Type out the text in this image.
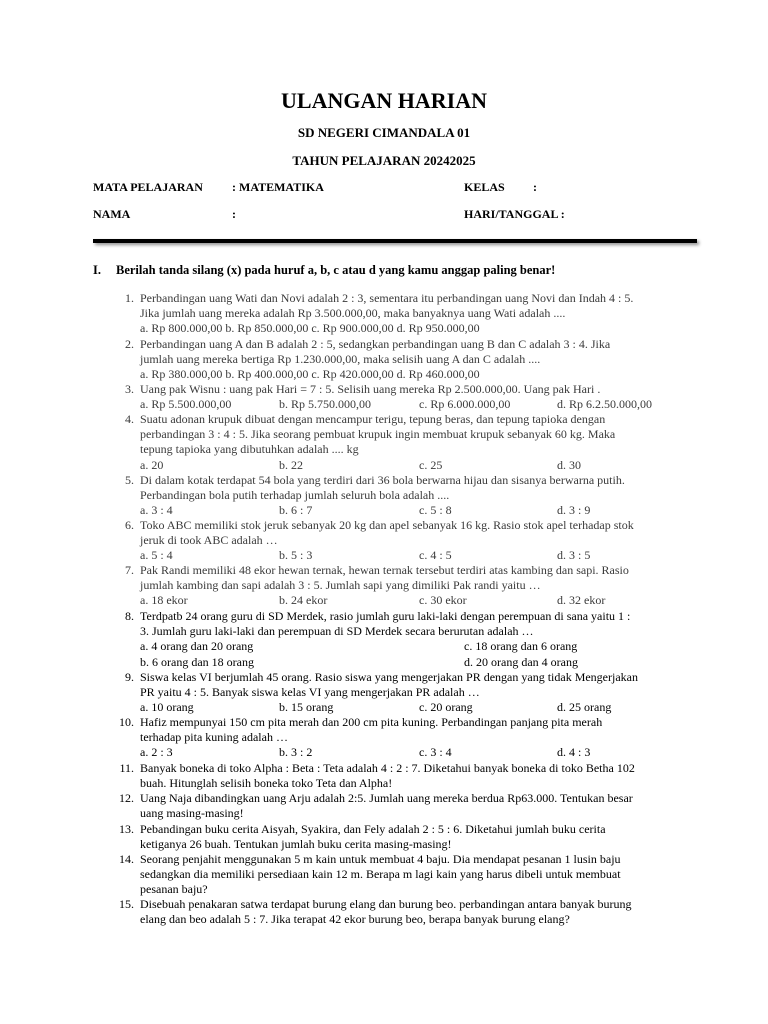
ULANGAN HARIAN
SD NEGERI CIMANDALA 01
TAHUN PELAJARAN 20242025
MATA PELAJARAN : MATEMATIKA	KELAS :
NAMA	:	HARI/TANGGAL :
I. Berilah tanda silang (x) pada huruf a, b, c atau d yang kamu anggap paling benar!
1. Perbandingan uang Wati dan Novi adalah 2 : 3, sementara itu perbandingan uang Novi dan Indah 4 : 5.
Jika jumlah uang mereka adalah Rp 3.500.000,00, maka banyaknya uang Wati adalah ....
a. Rp 800.000,00 b. Rp 850.000,00 c. Rp 900.000,00 d. Rp 950.000,00
2. Perbandingan uang A dan B adalah 2 : 5, sedangkan perbandingan uang B dan C adalah 3 : 4. Jika
jumlah uang mereka bertiga Rp 1.230.000,00, maka selisih uang A dan C adalah ....
a. Rp 380.000,00 b. Rp 400.000,00 c. Rp 420.000,00 d. Rp 460.000,00
3. Uang pak Wisnu : uang pak Hari = 7 : 5. Selisih uang mereka Rp 2.500.000,00. Uang pak Hari .
a. Rp 5.500.000,00	b. Rp 5.750.000,00	c. Rp 6.000.000,00	d. Rp 6.2.50.000,00
4. Suatu adonan krupuk dibuat dengan mencampur terigu, tepung beras, dan tepung tapioka dengan
perbandingan 3 : 4 : 5. Jika seorang pembuat krupuk ingin membuat krupuk sebanyak 60 kg. Maka
tepung tapioka yang dibutuhkan adalah .... kg
a. 20	b. 22	c. 25	d. 30
5. Di dalam kotak terdapat 54 bola yang terdiri dari 36 bola berwarna hijau dan sisanya berwarna putih.
Perbandingan bola putih terhadap jumlah seluruh bola adalah ....
a. 3 : 4	b. 6 : 7	c. 5 : 8	d. 3 : 9
6. Toko ABC memiliki stok jeruk sebanyak 20 kg dan apel sebanyak 16 kg. Rasio stok apel terhadap stok
jeruk di took ABC adalah …
a. 5 : 4	b. 5 : 3	c. 4 : 5	d. 3 : 5
7. Pak Randi memiliki 48 ekor hewan ternak, hewan ternak tersebut terdiri atas kambing dan sapi. Rasio
jumlah kambing dan sapi adalah 3 : 5. Jumlah sapi yang dimiliki Pak randi yaitu …
a. 18 ekor	b. 24 ekor	c. 30 ekor	d. 32 ekor
8. Terdpatb 24 orang guru di SD Merdek, rasio jumlah guru laki-laki dengan perempuan di sana yaitu 1 :
3. Jumlah guru laki-laki dan perempuan di SD Merdek secara berurutan adalah …
a. 4 orang dan 20 orang	c. 18 orang dan 6 orang
b. 6 orang dan 18 orang	d. 20 orang dan 4 orang
9. Siswa kelas VI berjumlah 45 orang. Rasio siswa yang mengerjakan PR dengan yang tidak Mengerjakan
PR yaitu 4 : 5. Banyak siswa kelas VI yang mengerjakan PR adalah …
a. 10 orang	b. 15 orang	c. 20 orang	d. 25 orang
10. Hafiz mempunyai 150 cm pita merah dan 200 cm pita kuning. Perbandingan panjang pita merah
terhadap pita kuning adalah …
a. 2 : 3	b. 3 : 2	c. 3 : 4	d. 4 : 3
11. Banyak boneka di toko Alpha : Beta : Teta adalah 4 : 2 : 7. Diketahui banyak boneka di toko Betha 102
buah. Hitunglah selisih boneka toko Teta dan Alpha!
12. Uang Naja dibandingkan uang Arju adalah 2:5. Jumlah uang mereka berdua Rp63.000. Tentukan besar
uang masing-masing!
13. Pebandingan buku cerita Aisyah, Syakira, dan Fely adalah 2 : 5 : 6. Diketahui jumlah buku cerita
ketiganya 26 buah. Tentukan jumlah buku cerita masing-masing!
14. Seorang penjahit menggunakan 5 m kain untuk membuat 4 baju. Dia mendapat pesanan 1 lusin baju
sedangkan dia memiliki persediaan kain 12 m. Berapa m lagi kain yang harus dibeli untuk membuat
pesanan baju?
15. Disebuah penakaran satwa terdapat burung elang dan burung beo. perbandingan antara banyak burung
elang dan beo adalah 5 : 7. Jika terapat 42 ekor burung beo, berapa banyak burung elang?
